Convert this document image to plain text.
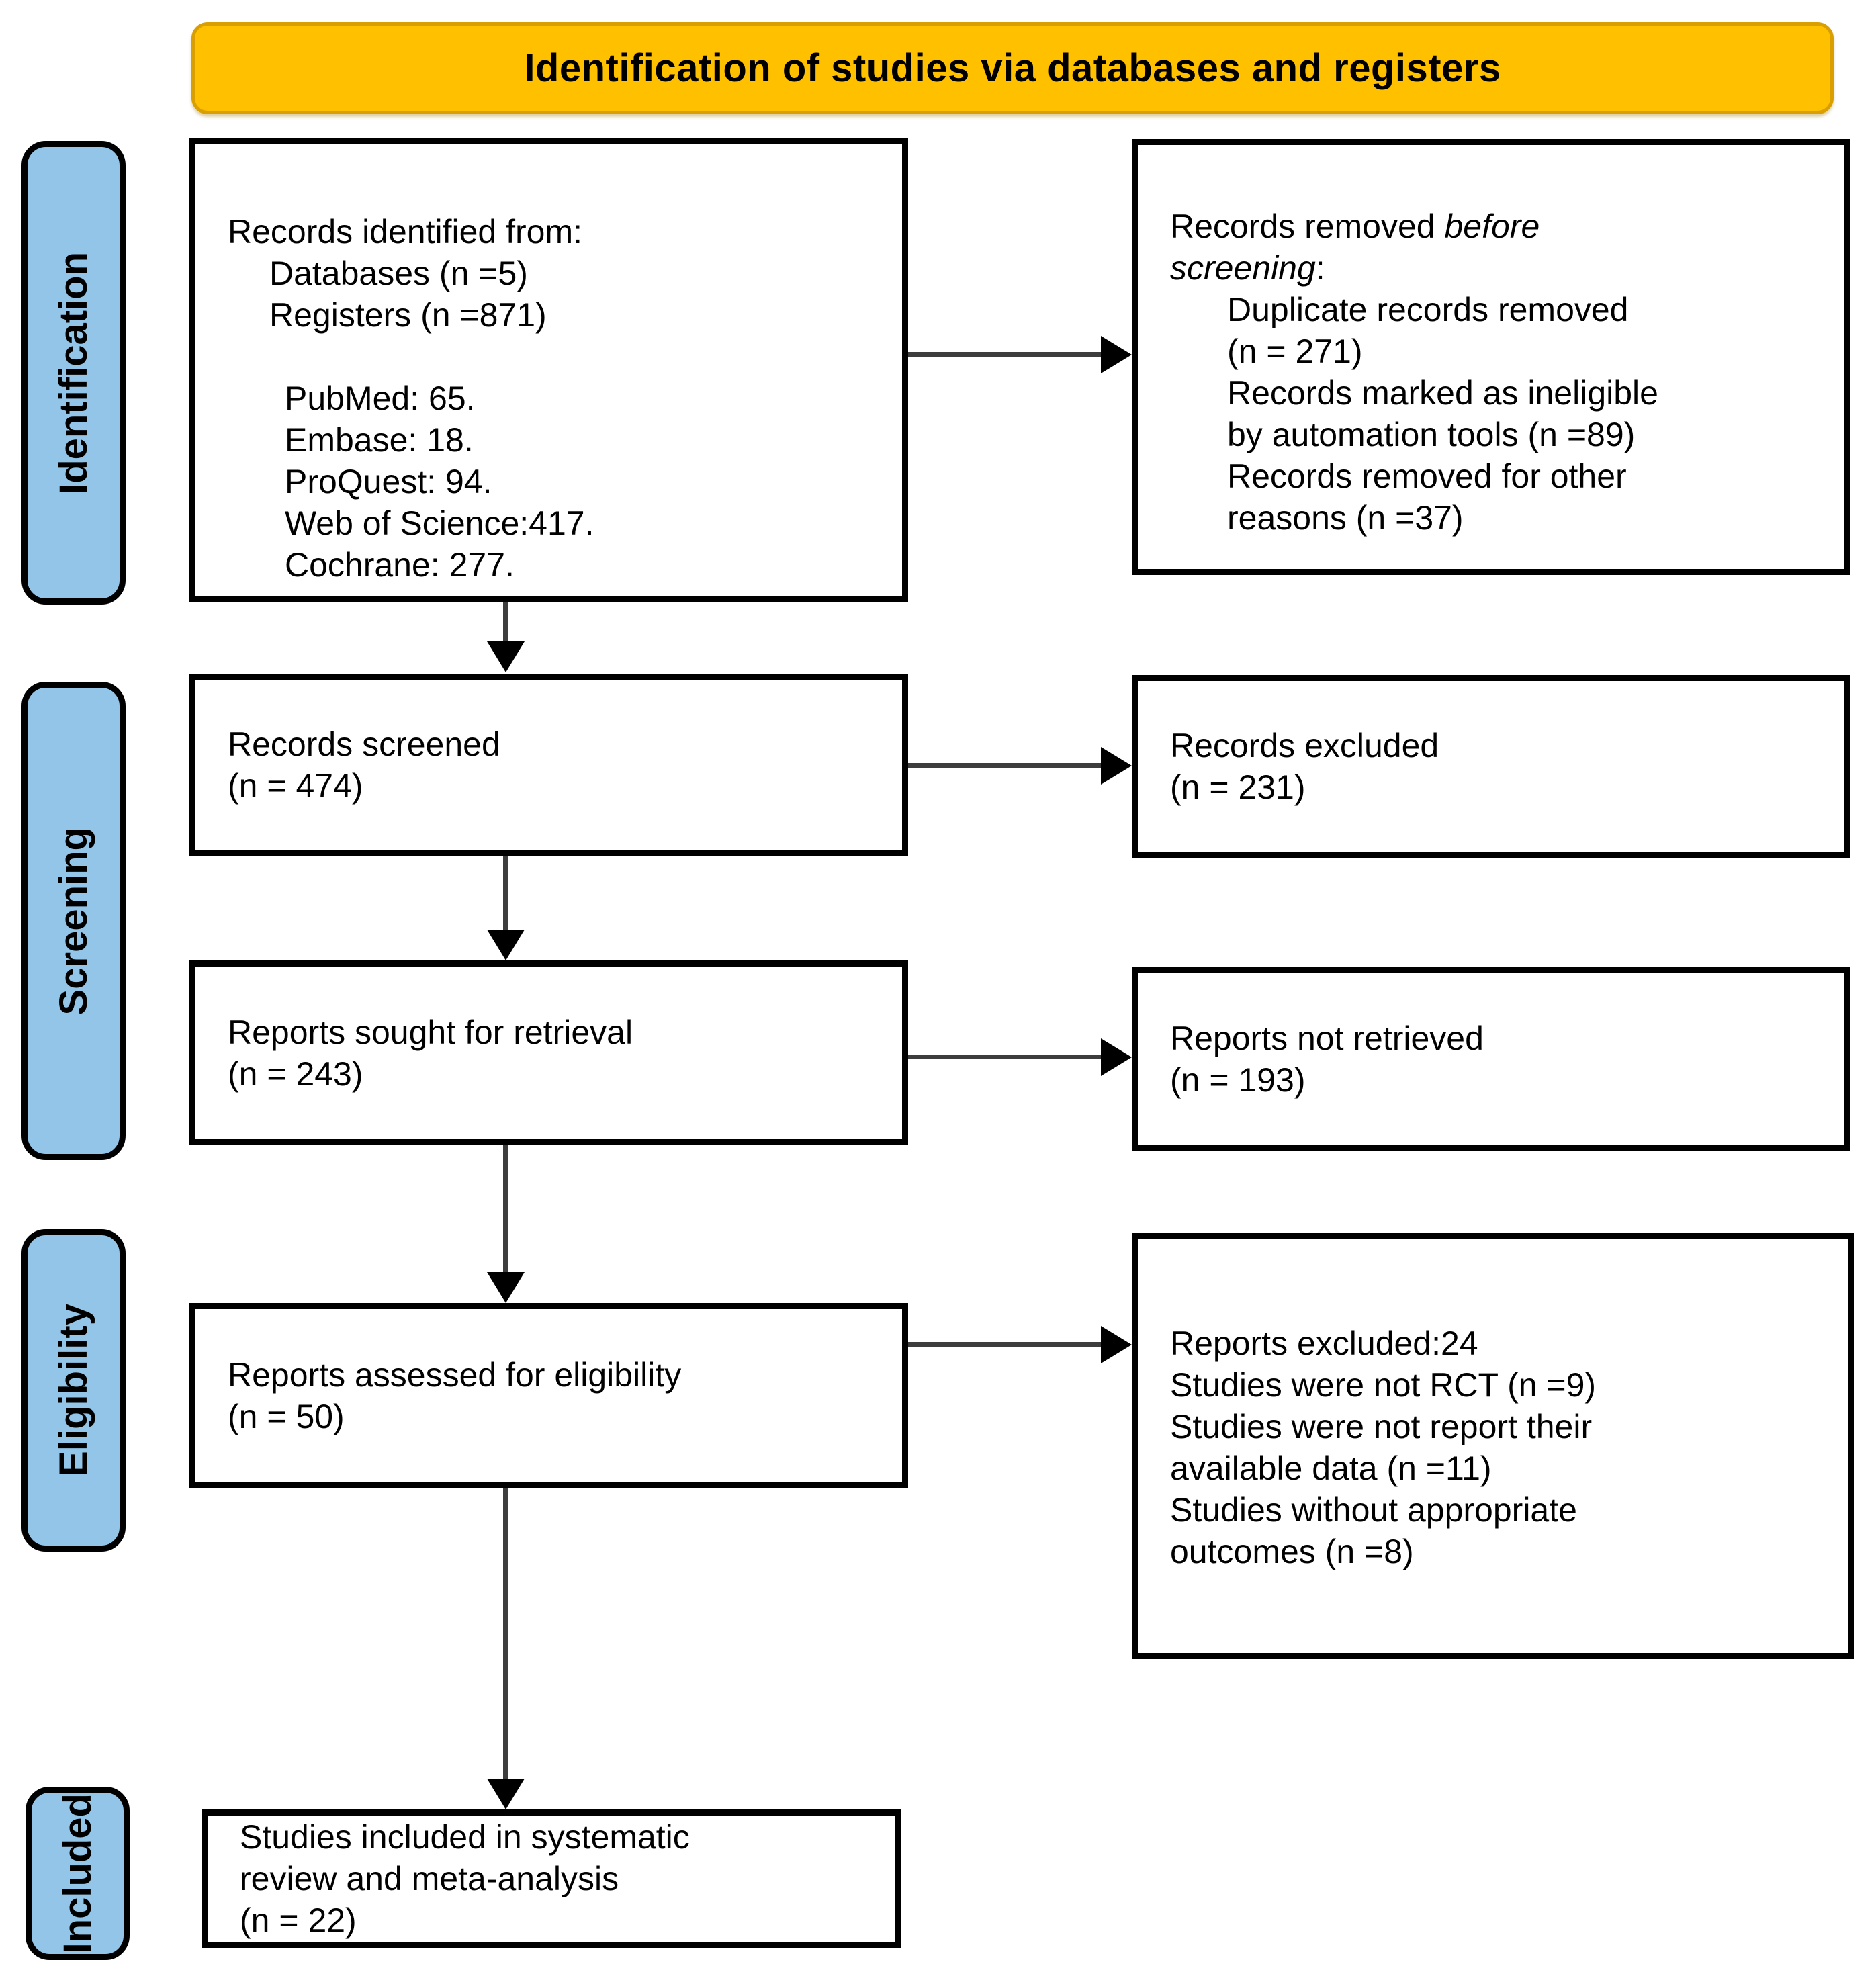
Identification of studies via databases and registers
Identification
Screening
Eligibility
Included
Records identified from:
Databases (n =5)
Registers (n =871)

PubMed: 65.
Embase: 18.
ProQuest: 94.
Web of Science:417.
Cochrane: 277.
Records removed before
screening:
Duplicate records removed
(n = 271)
Records marked as ineligible
by automation tools (n =89)
Records removed for other
reasons (n =37)
Records screened
(n = 474)
Records excluded
(n = 231)
Reports sought for retrieval
(n = 243)
Reports not retrieved
(n = 193)
Reports assessed for eligibility
(n = 50)
Reports excluded:24
Studies were not RCT (n =9)
Studies were not report their
available data (n =11)
Studies without appropriate
outcomes (n =8)
Studies included in systematic
review and meta-analysis
(n = 22)
